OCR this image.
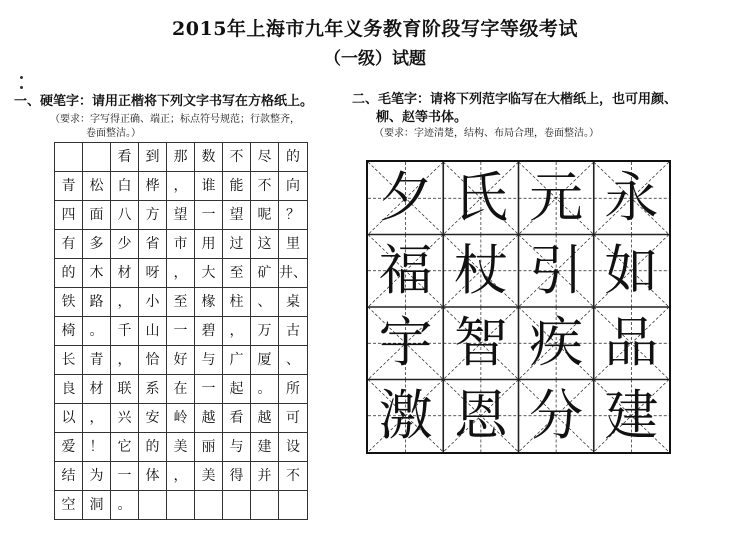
2015年上海市九年义务教育阶段写字等级考试
（一级）试题
一、硬笔字：请用正楷将下列文字书写在方格纸上。
（要求：字写得正确、端正；标点符号规范；行款整齐，
卷面整洁。）
		看	到	那	数	不	尽	的
青	松	白	桦	，	谁	能	不	向
四	面	八	方	望	一	望	呢	？
有	多	少	省	市	用	过	这	里
的	木	材	呀	，	大	至	矿	井、
铁	路	，	小	至	椽	柱	、	桌
椅	。	千	山	一	碧	，	万	古
长	青	，	恰	好	与	广	厦	、
良	材	联	系	在	一	起	。	所
以	，	兴	安	岭	越	看	越	可
爱	！	它	的	美	丽	与	建	设
结	为	一	体	，	美	得	并	不
空	洞	。						
二、毛笔字：请将下列范字临写在大楷纸上，也可用颜、
柳、赵等书体。
（要求：字迹清楚，结构、布局合理，卷面整洁。）
夕 氏 元 永
福 杖 引 如
宇 智 疾 品
激 恩 分 建
